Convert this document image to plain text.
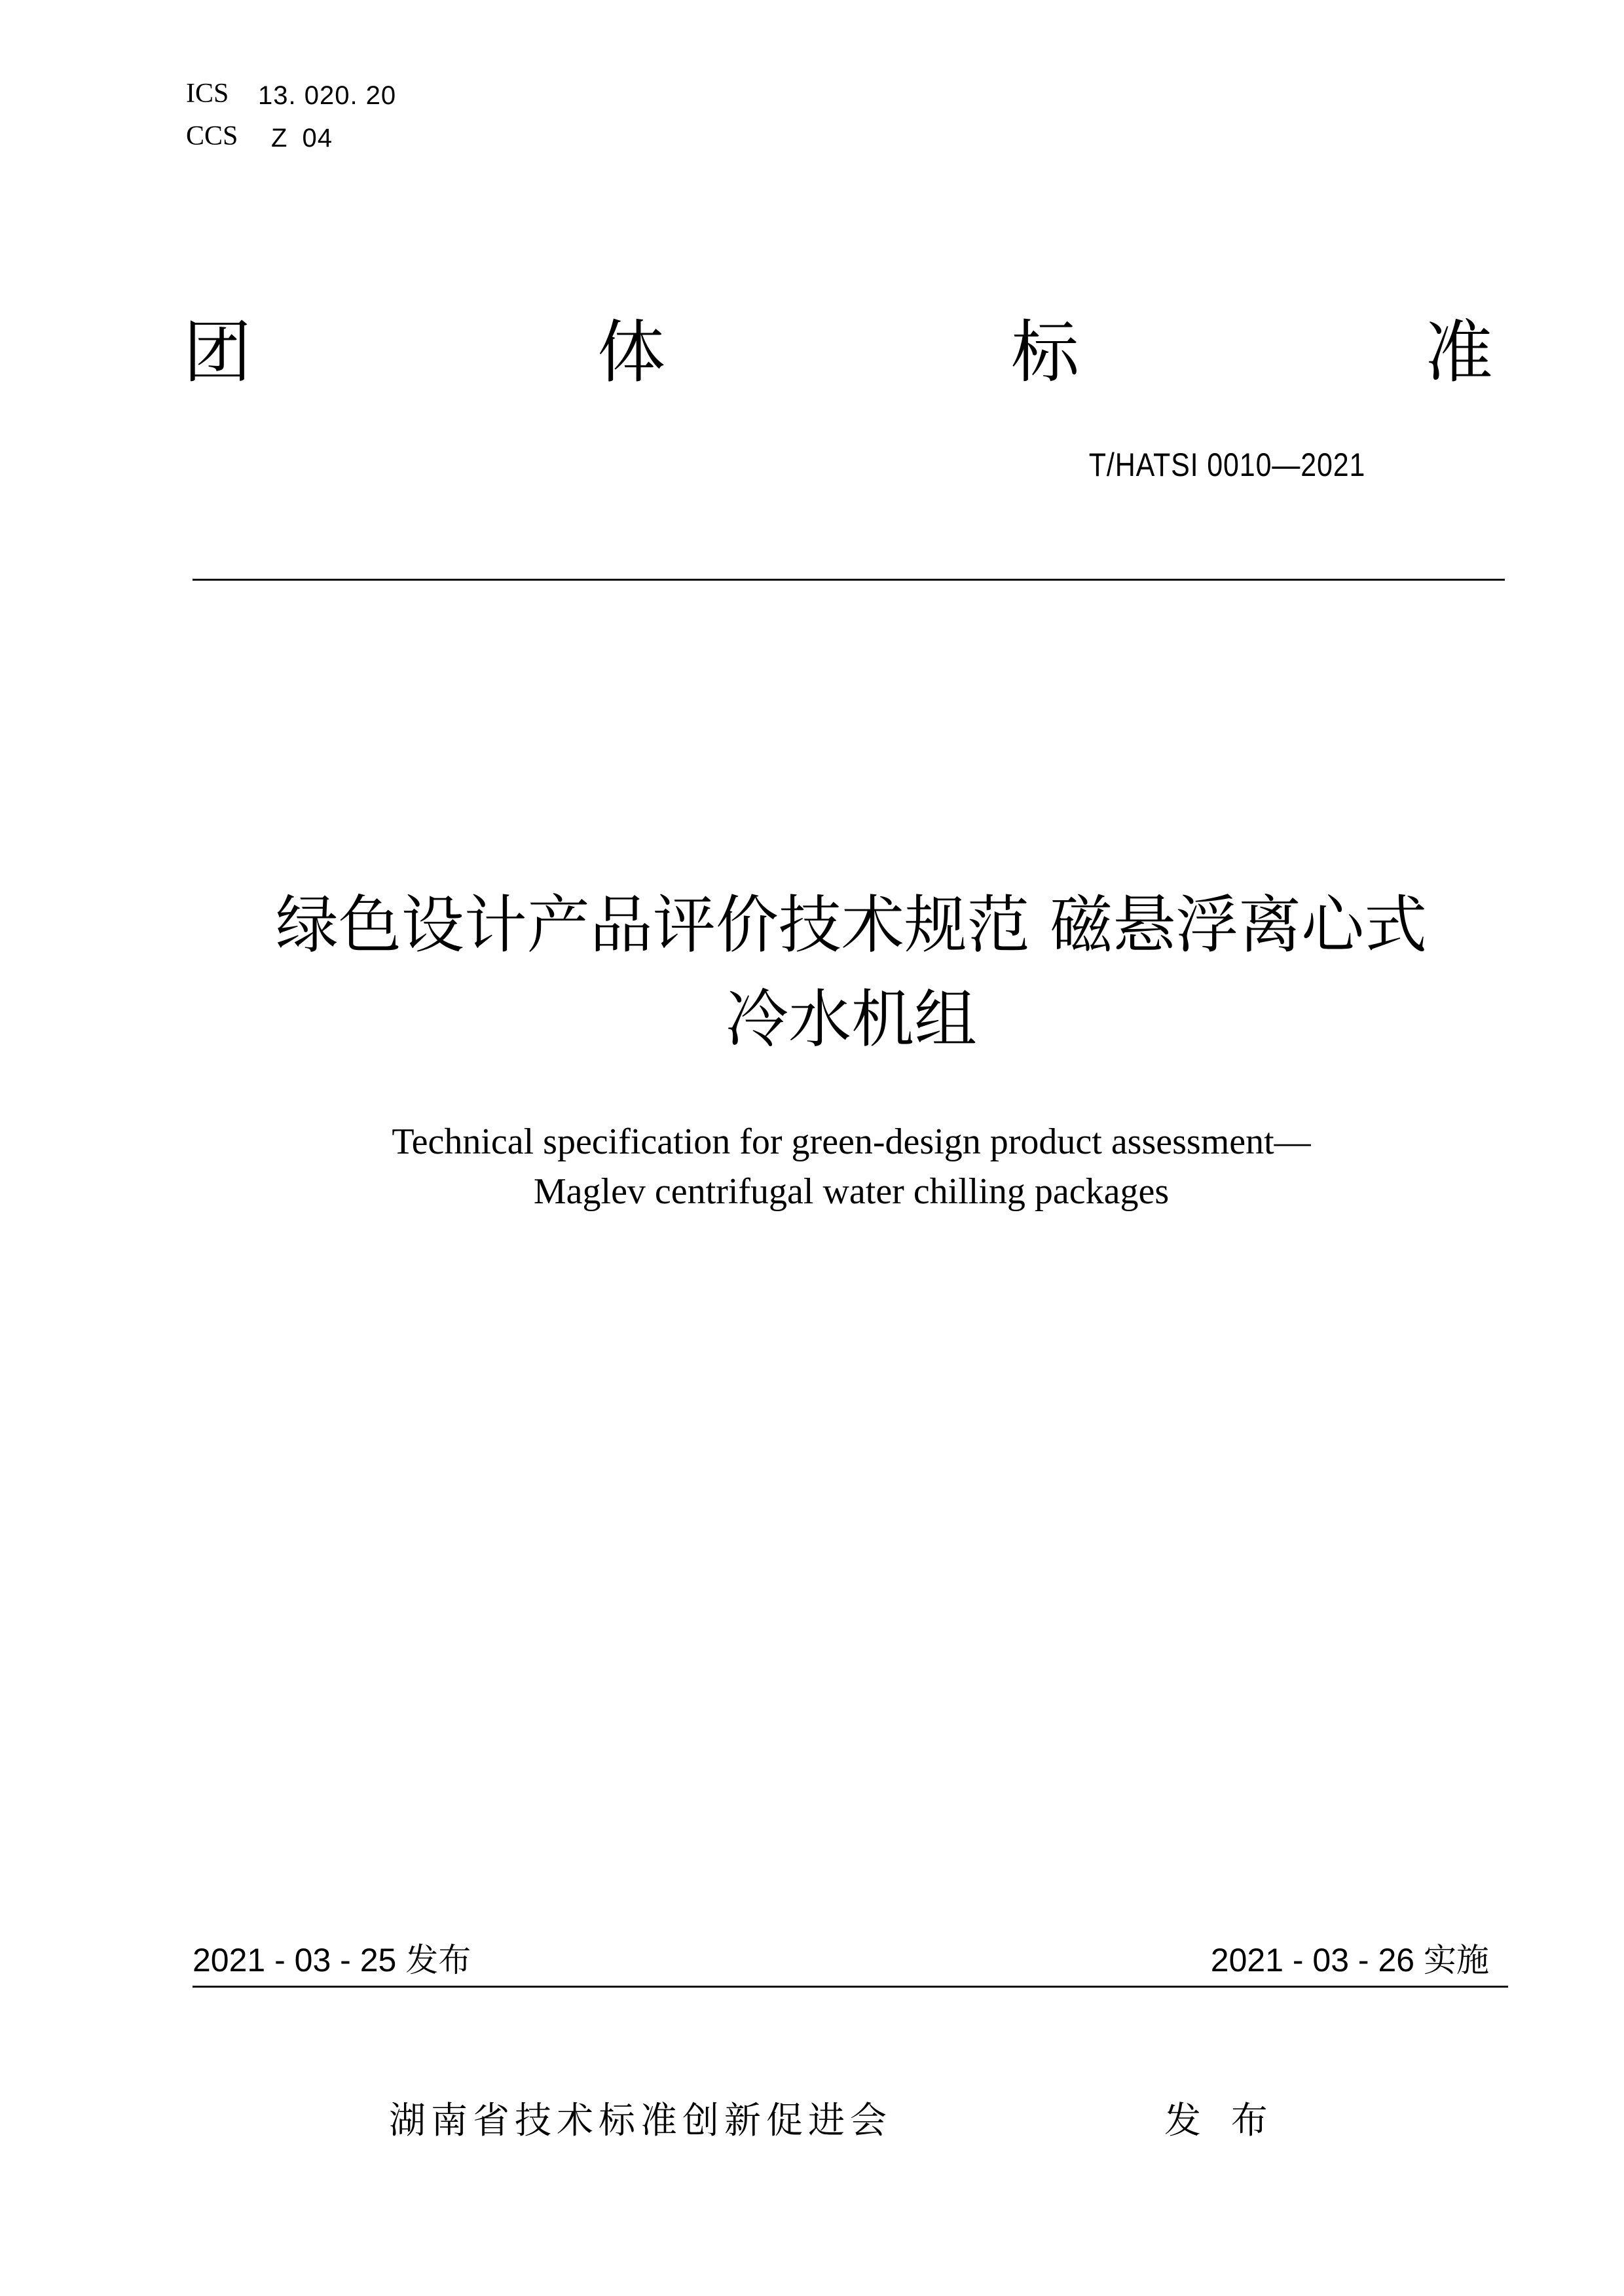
ICS 13. 020. 20
CCS Z 04
团	体	标	准
T/HATSI 0010—2021
绿色设计产品评价技术规范 磁悬浮离心式
冷水机组
Technical specification for green-design product assessment—
Maglev centrifugal water chilling packages
2021 - 03 - 25 发布	2021 - 03 - 26 实施
湖南省技术标准创新促进会	发 布
